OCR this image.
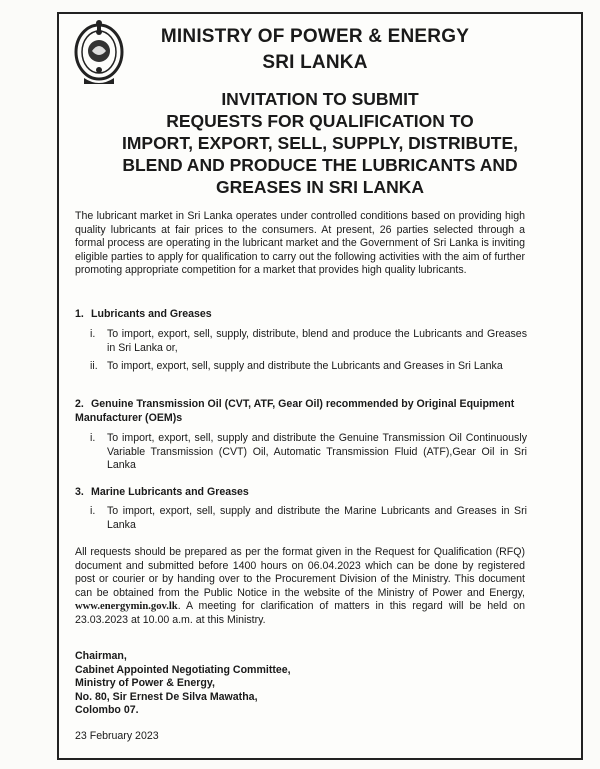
MINISTRY OF POWER & ENERGY
SRI LANKA
INVITATION TO SUBMIT
REQUESTS FOR QUALIFICATION TO
IMPORT, EXPORT, SELL, SUPPLY, DISTRIBUTE,
BLEND AND PRODUCE THE LUBRICANTS AND
GREASES IN SRI LANKA
The lubricant market in Sri Lanka operates under controlled conditions based on providing high quality lubricants at fair prices to the consumers. At present, 26 parties selected through a formal process are operating in the lubricant market and the Government of Sri Lanka is inviting eligible parties to apply for qualification to carry out the following activities with the aim of further promoting appropriate competition for a market that provides high quality lubricants.
1. Lubricants and Greases
i.	To import, export, sell, supply, distribute, blend and produce the Lubricants and Greases in Sri Lanka or,
ii. To import, export, sell, supply and distribute the Lubricants and Greases in Sri Lanka
2. Genuine Transmission Oil (CVT, ATF, Gear Oil) recommended by Original Equipment Manufacturer (OEM)s
i.	To import, export, sell, supply and distribute the Genuine Transmission Oil Continuously Variable Transmission (CVT) Oil, Automatic Transmission Fluid (ATF),Gear Oil in Sri Lanka
3. Marine Lubricants and Greases
i.	To import, export, sell, supply and distribute the Marine Lubricants and Greases in Sri Lanka
All requests should be prepared as per the format given in the Request for Qualification (RFQ) document and submitted before 1400 hours on 06.04.2023 which can be done by registered post or courier or by handing over to the Procurement Division of the Ministry. This document can be obtained from the Public Notice in the website of the Ministry of Power and Energy, www.energymin.gov.lk. A meeting for clarification of matters in this regard will be held on 23.03.2023 at 10.00 a.m. at this Ministry.
Chairman,
Cabinet Appointed Negotiating Committee,
Ministry of Power & Energy,
No. 80, Sir Ernest De Silva Mawatha,
Colombo 07.
23 February 2023
